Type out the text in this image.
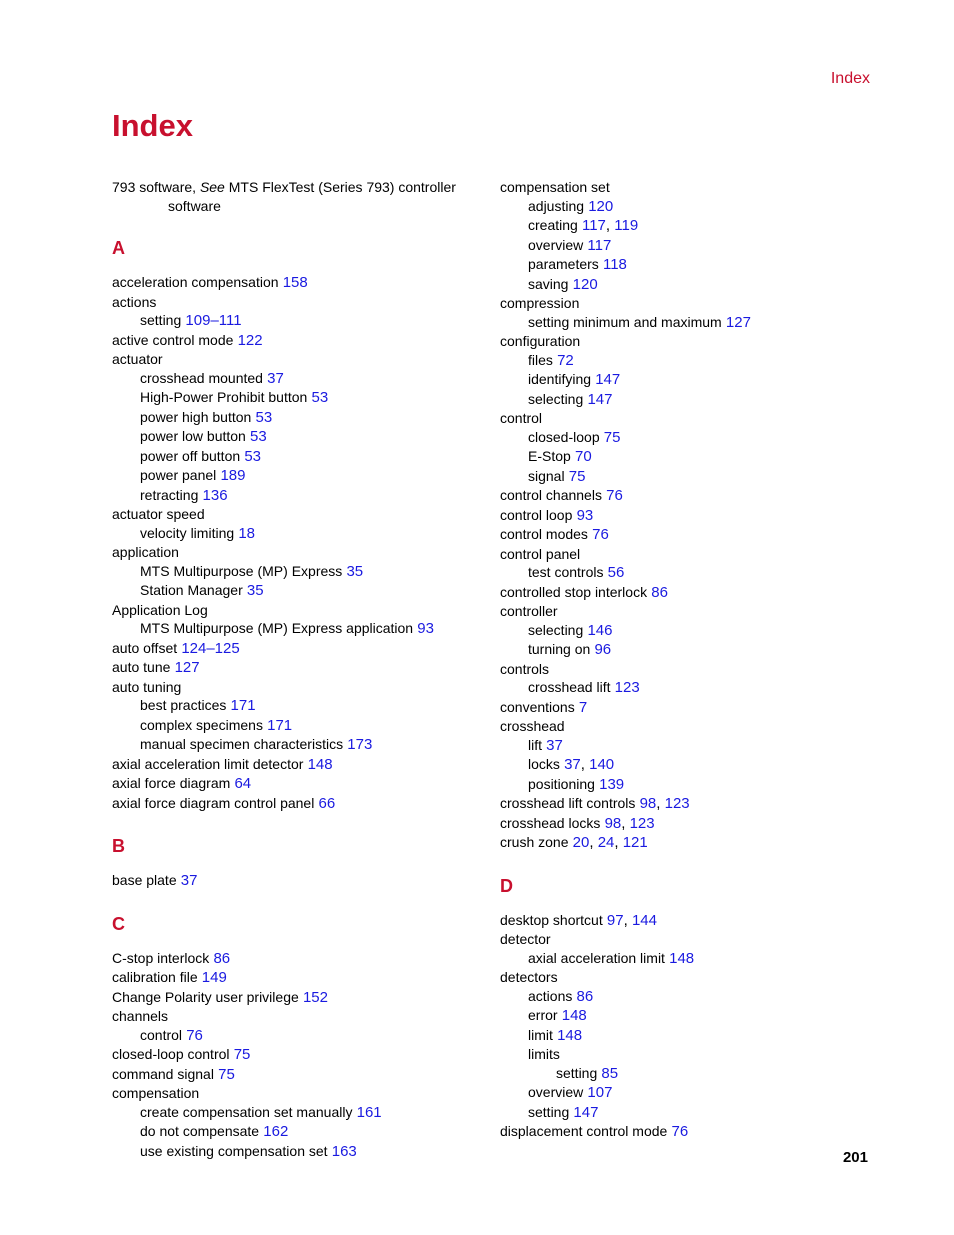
Index
Index
793 software, See MTS FlexTest (Series 793) controller software
A
acceleration compensation 158
actions
setting 109–111
active control mode 122
actuator
crosshead mounted 37
High-Power Prohibit button 53
power high button 53
power low button 53
power off button 53
power panel 189
retracting 136
actuator speed
velocity limiting 18
application
MTS Multipurpose (MP) Express 35
Station Manager 35
Application Log
MTS Multipurpose (MP) Express application 93
auto offset 124–125
auto tune 127
auto tuning
best practices 171
complex specimens 171
manual specimen characteristics 173
axial acceleration limit detector 148
axial force diagram 64
axial force diagram control panel 66
B
base plate 37
C
C-stop interlock 86
calibration file 149
Change Polarity user privilege 152
channels
control 76
closed-loop control 75
command signal 75
compensation
create compensation set manually 161
do not compensate 162
use existing compensation set 163
compensation set
adjusting 120
creating 117, 119
overview 117
parameters 118
saving 120
compression
setting minimum and maximum 127
configuration
files 72
identifying 147
selecting 147
control
closed-loop 75
E-Stop 70
signal 75
control channels 76
control loop 93
control modes 76
control panel
test controls 56
controlled stop interlock 86
controller
selecting 146
turning on 96
controls
crosshead lift 123
conventions 7
crosshead
lift 37
locks 37, 140
positioning 139
crosshead lift controls 98, 123
crosshead locks 98, 123
crush zone 20, 24, 121
D
desktop shortcut 97, 144
detector
axial acceleration limit 148
detectors
actions 86
error 148
limit 148
limits
setting 85
overview 107
setting 147
displacement control mode 76
201
